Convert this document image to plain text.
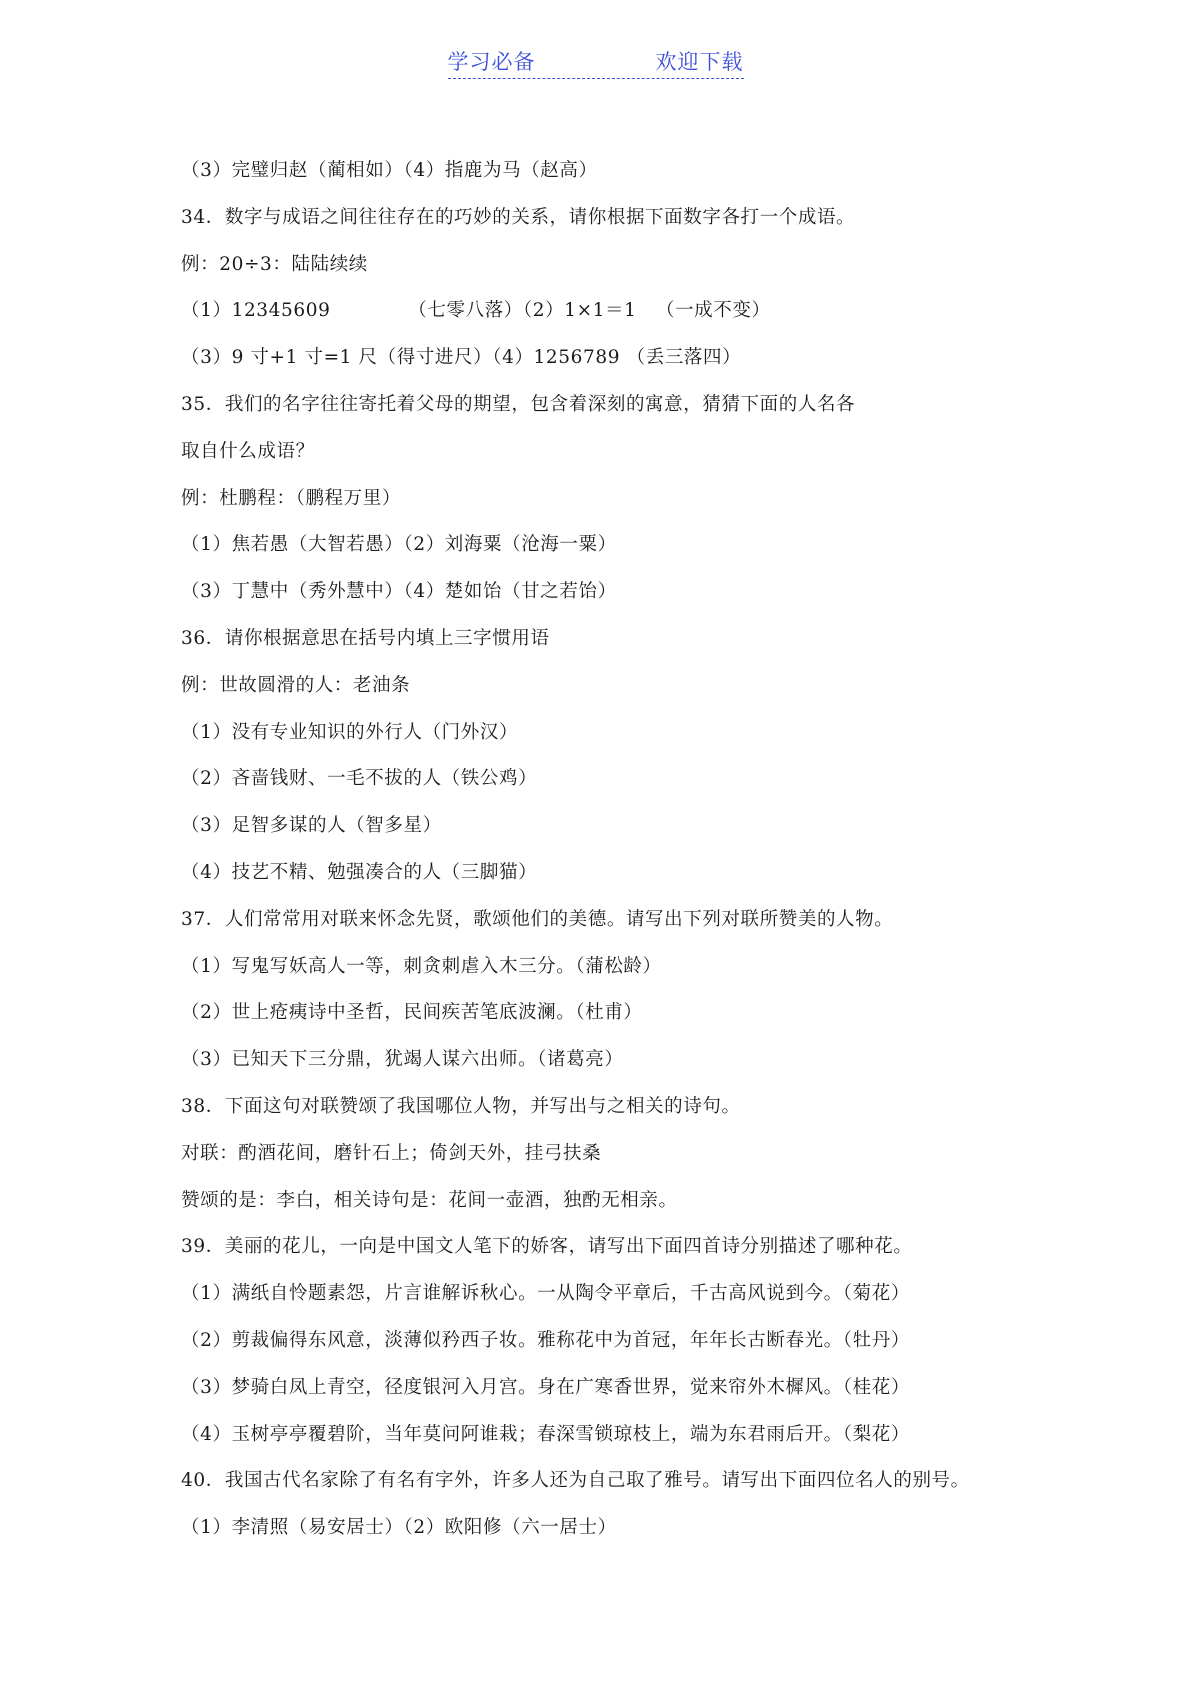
学习必备	欢迎下载
（3）完璧归赵（蔺相如）（4）指鹿为马（赵高）
34．数字与成语之间往往存在的巧妙的关系，请你根据下面数字各打一个成语。
例：20÷3：陆陆续续
（1）12345609            （七零八落）（2）1×1＝1   （一成不变）
（3）9 寸+1 寸=1 尺（得寸进尺）（4）1256789 （丢三落四）
35．我们的名字往往寄托着父母的期望，包含着深刻的寓意，猜猜下面的人名各
取自什么成语？
例：杜鹏程：（鹏程万里）
（1）焦若愚（大智若愚）（2）刘海粟（沧海一粟）
（3）丁慧中（秀外慧中）（4）楚如饴（甘之若饴）
36．请你根据意思在括号内填上三字惯用语
例：世故圆滑的人：老油条
（1）没有专业知识的外行人（门外汉）
（2）吝啬钱财、一毛不拔的人（铁公鸡）
（3）足智多谋的人（智多星）
（4）技艺不精、勉强凑合的人（三脚猫）
37．人们常常用对联来怀念先贤，歌颂他们的美德。请写出下列对联所赞美的人物。
（1）写鬼写妖高人一等，刺贪刺虐入木三分。（蒲松龄）
（2）世上疮痍诗中圣哲，民间疾苦笔底波澜。（杜甫）
（3）已知天下三分鼎，犹竭人谋六出师。（诸葛亮）
38．下面这句对联赞颂了我国哪位人物，并写出与之相关的诗句。
对联：酌酒花间，磨针石上；倚剑天外，挂弓扶桑
赞颂的是：李白，相关诗句是：花间一壶酒，独酌无相亲。
39．美丽的花儿，一向是中国文人笔下的娇客，请写出下面四首诗分别描述了哪种花。
（1）满纸自怜题素怨，片言谁解诉秋心。一从陶令平章后，千古高风说到今。（菊花）
（2）剪裁偏得东风意，淡薄似矜西子妆。雅称花中为首冠，年年长古断春光。（牡丹）
（3）梦骑白凤上青空，径度银河入月宫。身在广寒香世界，觉来帘外木樨风。（桂花）
（4）玉树亭亭覆碧阶，当年莫问阿谁栽；春深雪锁琼枝上，端为东君雨后开。（梨花）
40．我国古代名家除了有名有字外，许多人还为自己取了雅号。请写出下面四位名人的别号。
（1）李清照（易安居士）（2）欧阳修（六一居士）
